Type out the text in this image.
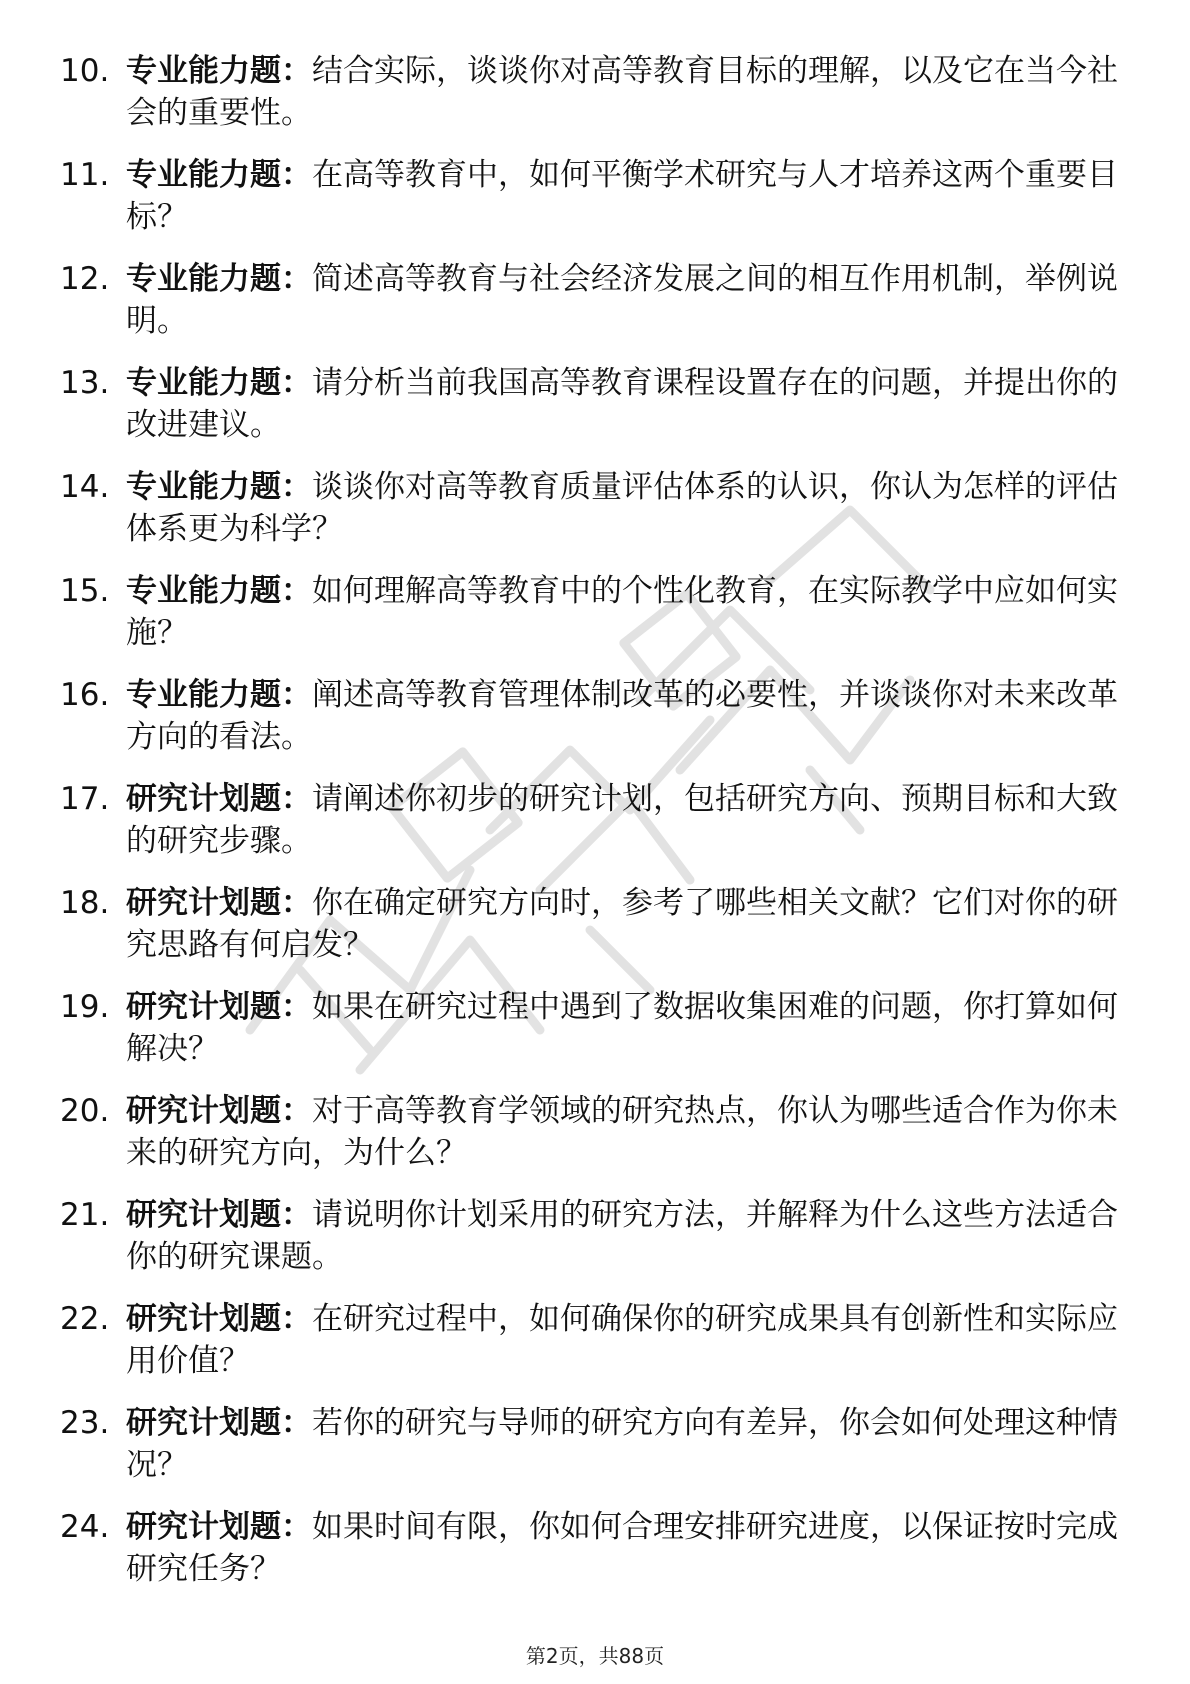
10. 专业能力题：结合实际，谈谈你对高等教育目标的理解，以及它在当今社会的重要性。
11. 专业能力题：在高等教育中，如何平衡学术研究与人才培养这两个重要目标？
12. 专业能力题：简述高等教育与社会经济发展之间的相互作用机制，举例说明。
13. 专业能力题：请分析当前我国高等教育课程设置存在的问题，并提出你的改进建议。
14. 专业能力题：谈谈你对高等教育质量评估体系的认识，你认为怎样的评估体系更为科学？
15. 专业能力题：如何理解高等教育中的个性化教育，在实际教学中应如何实施？
16. 专业能力题：阐述高等教育管理体制改革的必要性，并谈谈你对未来改革方向的看法。
17. 研究计划题：请阐述你初步的研究计划，包括研究方向、预期目标和大致的研究步骤。
18. 研究计划题：你在确定研究方向时，参考了哪些相关文献？它们对你的研究思路有何启发？
19. 研究计划题：如果在研究过程中遇到了数据收集困难的问题，你打算如何解决？
20. 研究计划题：对于高等教育学领域的研究热点，你认为哪些适合作为你未来的研究方向，为什么？
21. 研究计划题：请说明你计划采用的研究方法，并解释为什么这些方法适合你的研究课题。
22. 研究计划题：在研究过程中，如何确保你的研究成果具有创新性和实际应用价值？
23. 研究计划题：若你的研究与导师的研究方向有差异，你会如何处理这种情况？
24. 研究计划题：如果时间有限，你如何合理安排研究进度，以保证按时完成研究任务？
第2页，共88页
